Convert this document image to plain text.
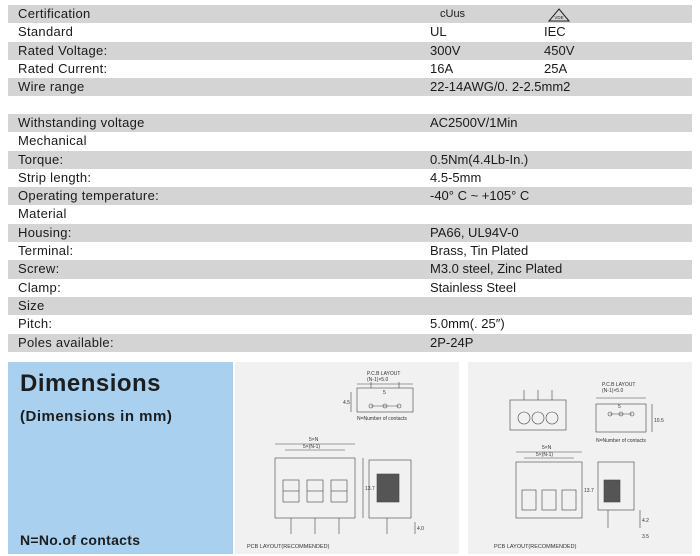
Certification	cUus	VDE
Standard	UL	IEC
Rated Voltage:	300V	450V
Rated Current:	16A	25A
Wire range	22-14AWG/0. 2-2.5mm2
Withstanding voltage	AC2500V/1Min
Mechanical
Torque:	0.5Nm(4.4Lb-In.)
Strip length:	4.5-5mm
Operating temperature:	-40° C ~ +105° C
Material
Housing:	PA66, UL94V-0
Terminal:	Brass, Tin Plated
Screw:	M3.0 steel, Zinc Plated
Clamp:	Stainless Steel
Size
Pitch:	5.0mm(. 25″)
Poles available:	2P-24P
Dimensions
(Dimensions in mm)
N=No.of contacts
P.C.B LAYOUT
(N-1)×5.0
5
4.5
N=Number of contacts
5×N
5×(N-1)
13.7
4.0
PCB LAYOUT(RECOMMENDED)
P.C.B LAYOUT
(N-1)×5.0
5
10.5
N=Number of contacts
5×N
5×(N-1)
13.7
4.2
3.5
PCB LAYOUT(RECOMMENDED)
